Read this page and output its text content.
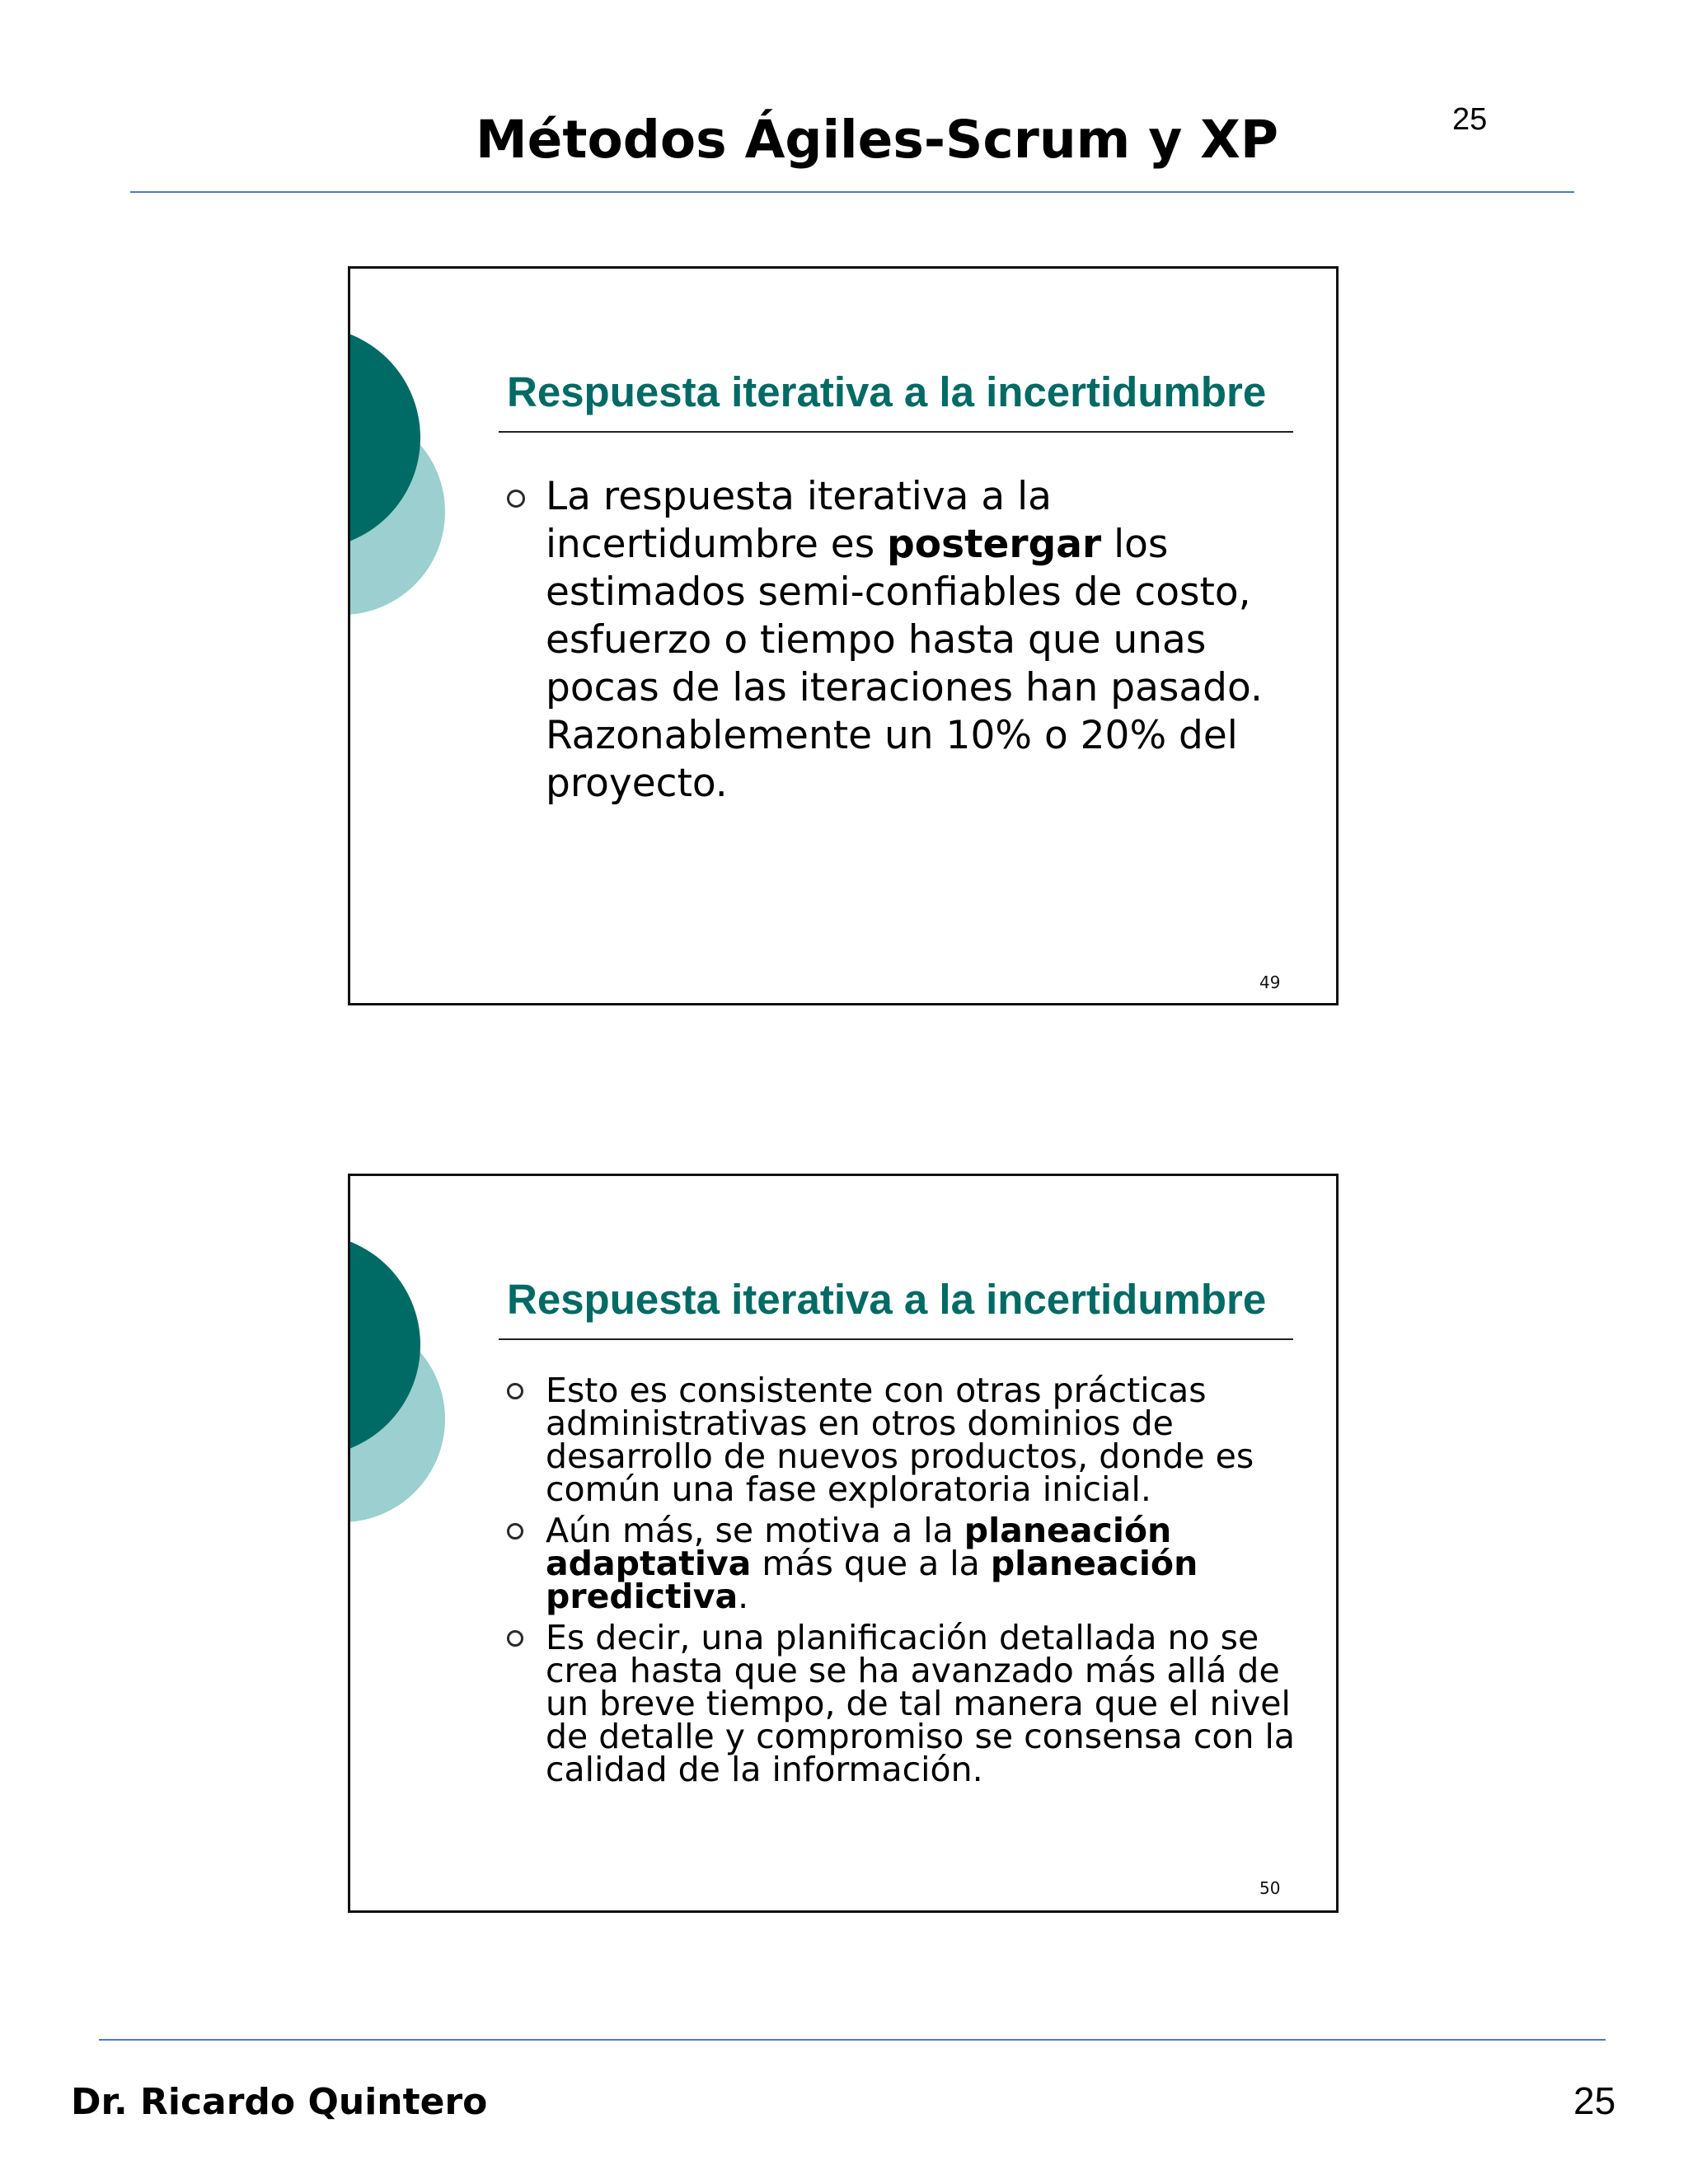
Métodos Ágiles-Scrum y XP	25
Respuesta iterativa a la incertidumbre
La respuesta iterativa a la incertidumbre es postergar los estimados semi-confiables de costo, esfuerzo o tiempo hasta que unas pocas de las iteraciones han pasado. Razonablemente un 10% o 20% del proyecto.
49
Respuesta iterativa a la incertidumbre
Esto es consistente con otras prácticas administrativas en otros dominios de desarrollo de nuevos productos, donde es común una fase exploratoria inicial.
Aún más, se motiva a la planeación adaptativa más que a la planeación predictiva.
Es decir, una planificación detallada no se crea hasta que se ha avanzado más allá de un breve tiempo, de tal manera que el nivel de detalle y compromiso se consensa con la calidad de la información.
50
Dr. Ricardo Quintero	25
